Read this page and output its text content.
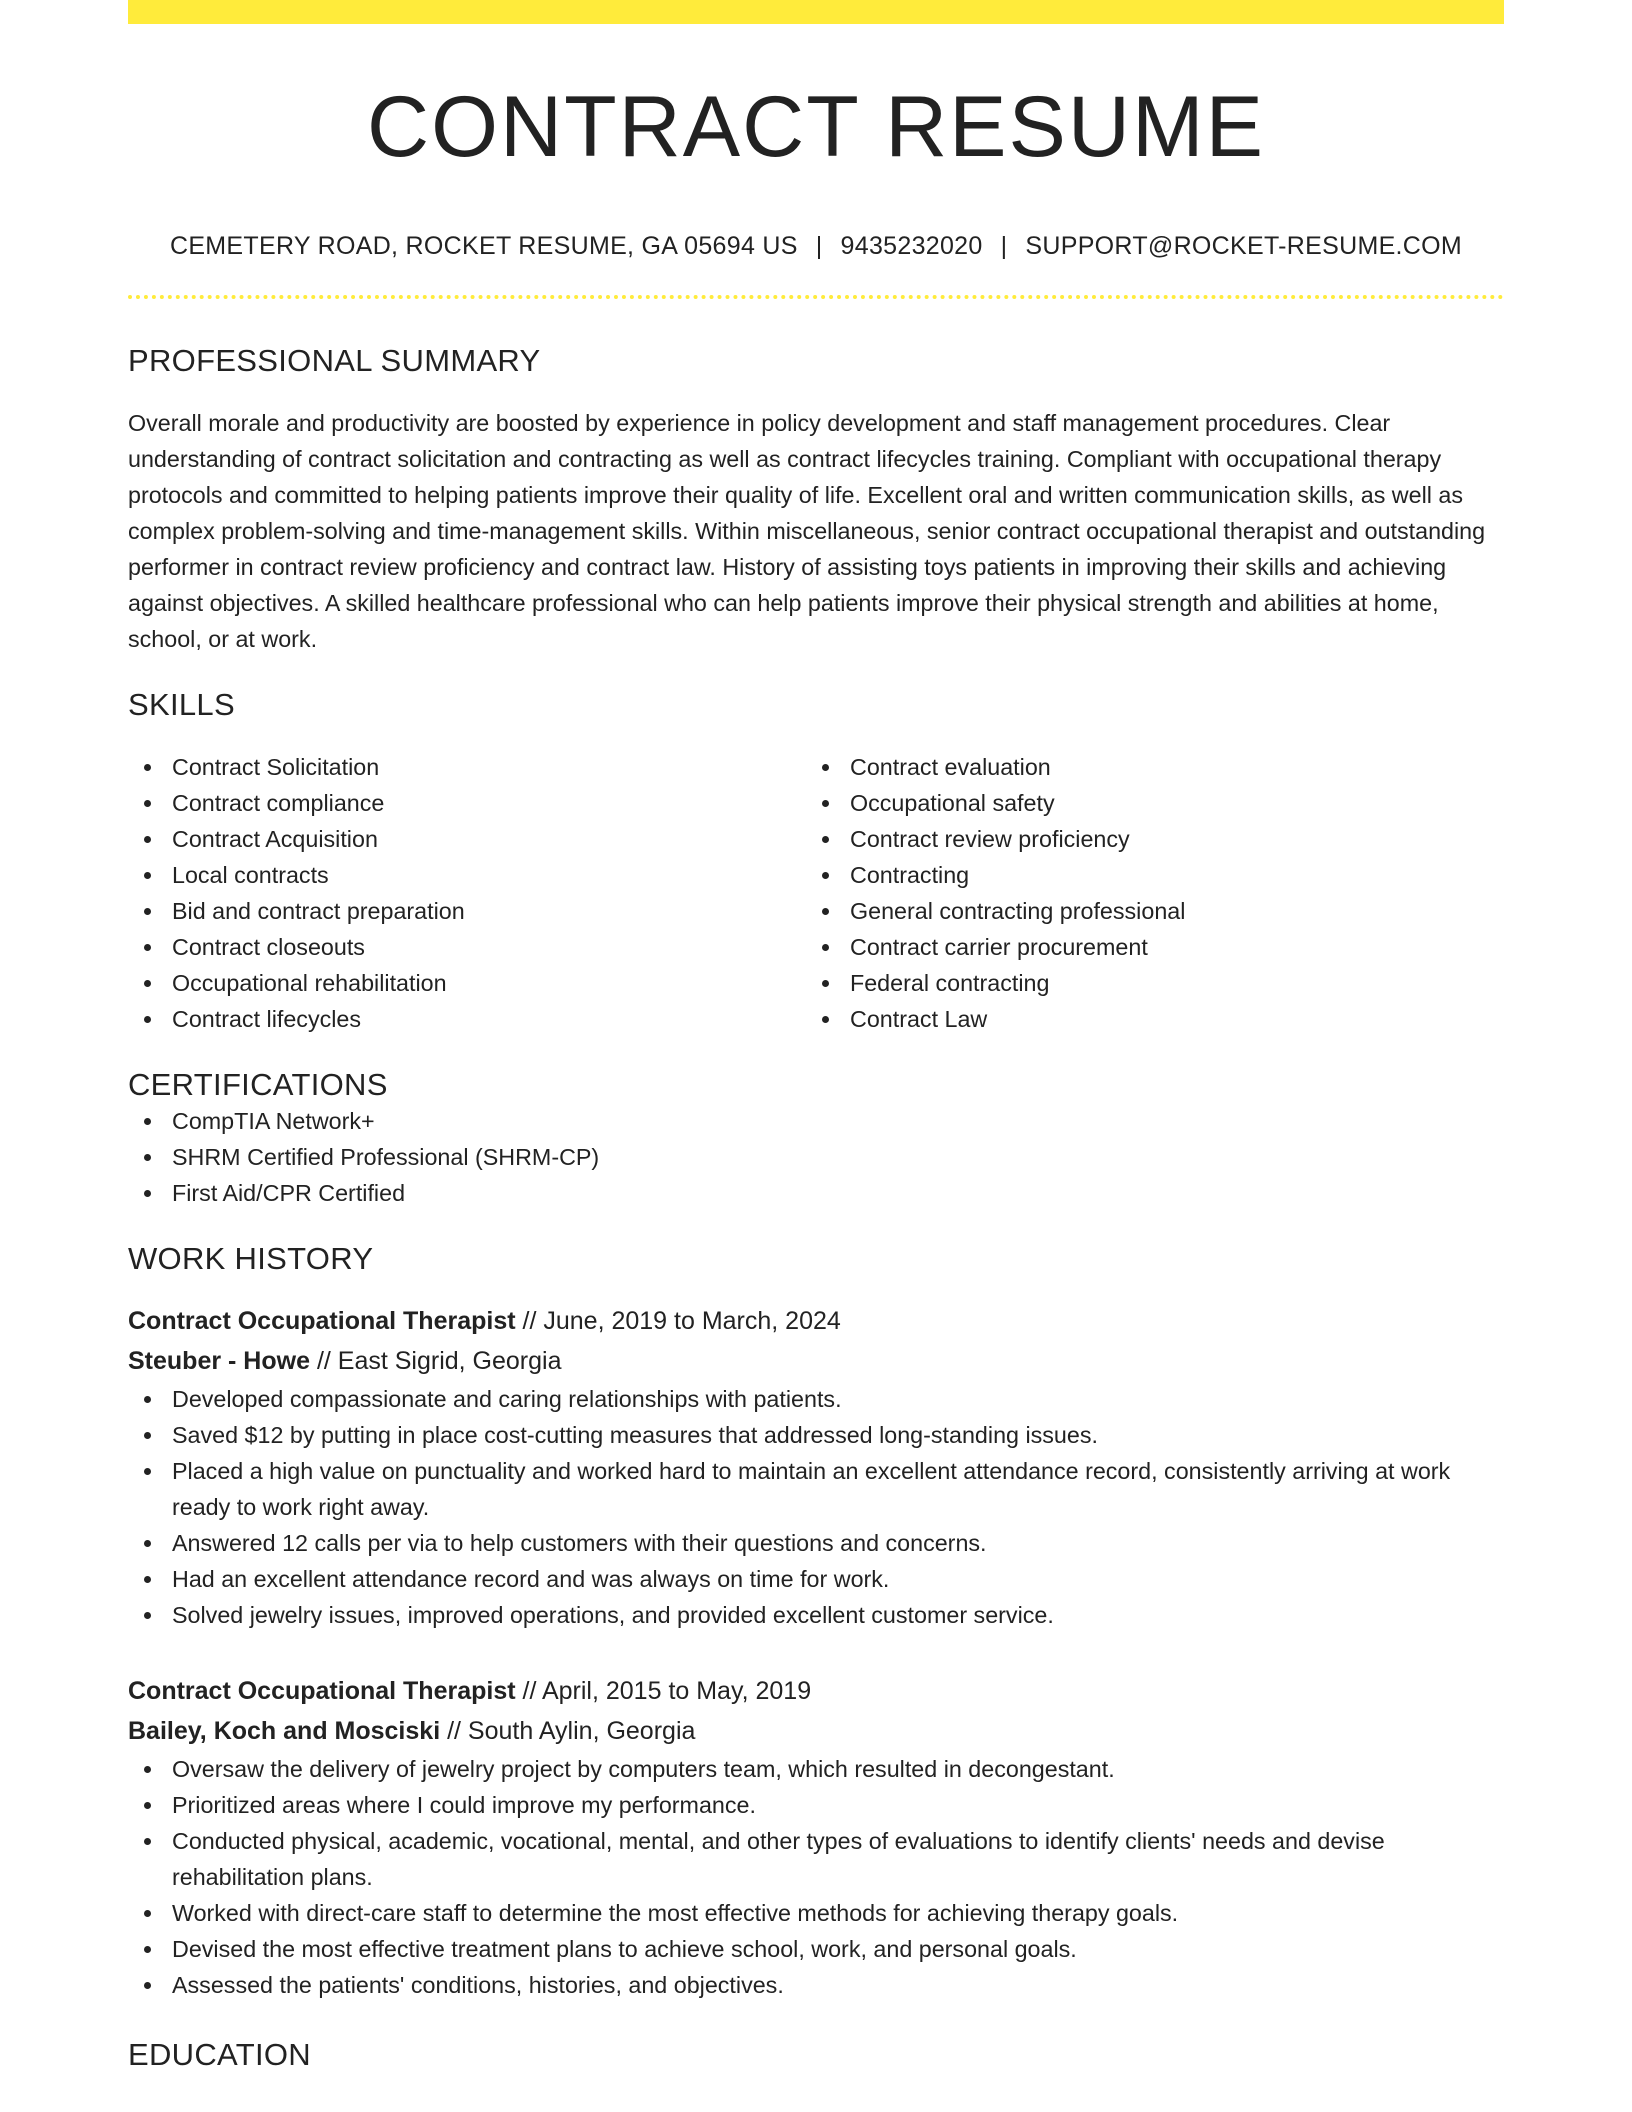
CONTRACT RESUME
CEMETERY ROAD, ROCKET RESUME, GA 05694 US | 9435232020 | SUPPORT@ROCKET-RESUME.COM
PROFESSIONAL SUMMARY

Overall morale and productivity are boosted by experience in policy development and staff management procedures. Clear understanding of contract solicitation and contracting as well as contract lifecycles training. Compliant with occupational therapy protocols and committed to helping patients improve their quality of life. Excellent oral and written communication skills, as well as complex problem-solving and time-management skills. Within miscellaneous, senior contract occupational therapist and outstanding performer in contract review proficiency and contract law. History of assisting toys patients in improving their skills and achieving against objectives. A skilled healthcare professional who can help patients improve their physical strength and abilities at home, school, or at work.

SKILLS
Contract Solicitation
Contract compliance
Contract Acquisition
Local contracts
Bid and contract preparation
Contract closeouts
Occupational rehabilitation
Contract lifecycles
Contract evaluation
Occupational safety
Contract review proficiency
Contracting
General contracting professional
Contract carrier procurement
Federal contracting
Contract Law
CERTIFICATIONS
CompTIA Network+
SHRM Certified Professional (SHRM-CP)
First Aid/CPR Certified
WORK HISTORY
Contract Occupational Therapist // June, 2019 to March, 2024
Steuber - Howe // East Sigrid, Georgia
Developed compassionate and caring relationships with patients.
Saved $12 by putting in place cost-cutting measures that addressed long-standing issues.
Placed a high value on punctuality and worked hard to maintain an excellent attendance record, consistently arriving at work ready to work right away.
Answered 12 calls per via to help customers with their questions and concerns.
Had an excellent attendance record and was always on time for work.
Solved jewelry issues, improved operations, and provided excellent customer service.
Contract Occupational Therapist // April, 2015 to May, 2019
Bailey, Koch and Mosciski // South Aylin, Georgia
Oversaw the delivery of jewelry project by computers team, which resulted in decongestant.
Prioritized areas where I could improve my performance.
Conducted physical, academic, vocational, mental, and other types of evaluations to identify clients' needs and devise rehabilitation plans.
Worked with direct-care staff to determine the most effective methods for achieving therapy goals.
Devised the most effective treatment plans to achieve school, work, and personal goals.
Assessed the patients' conditions, histories, and objectives.
EDUCATION
